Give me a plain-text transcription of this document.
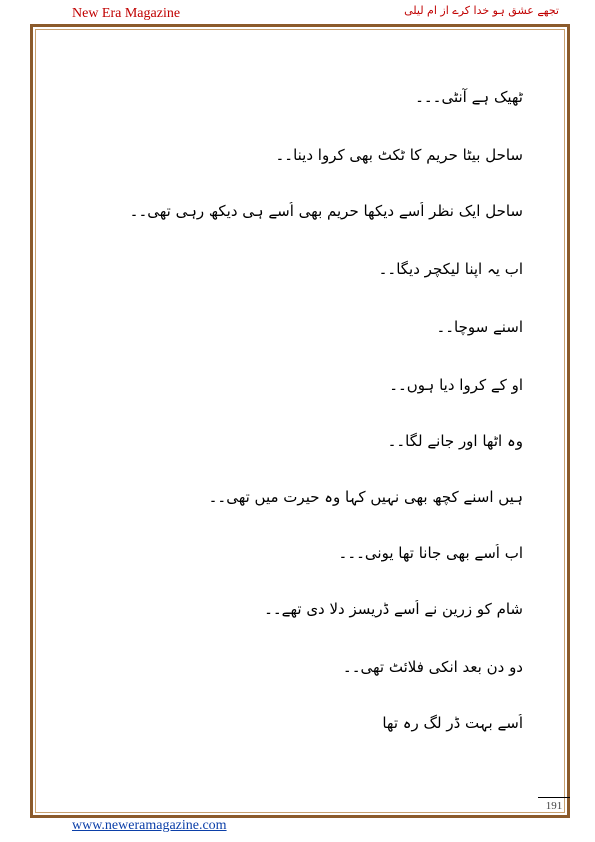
New Era Magazine	تجھے عشق ہو خدا کرے از ام لیلی
ٹھیک ہے آنٹی۔۔۔
ساحل بیٹا حریم کا ٹکٹ بھی کروا دینا۔۔
ساحل ایک نظر اُسے دیکھا حریم بھی اُسے ہی دیکھ رہی تھی۔۔
اب یہ اپنا لیکچر دیگا۔۔
اسنے سوچا۔۔
او کے کروا دیا ہوں۔۔
وہ اٹھا اور جانے لگا۔۔
ہیں اسنے کچھ بھی نہیں کہا وہ حیرت میں تھی۔۔
اب اُسے بھی جانا تھا یونی۔۔۔
شام کو زرین نے اُسے ڈریسز دلا دی تھے۔۔
دو دن بعد انکی فلائٹ تھی۔۔
اُسے بہت ڈر لگ رہ تھا
191
www.neweramagazine.com
